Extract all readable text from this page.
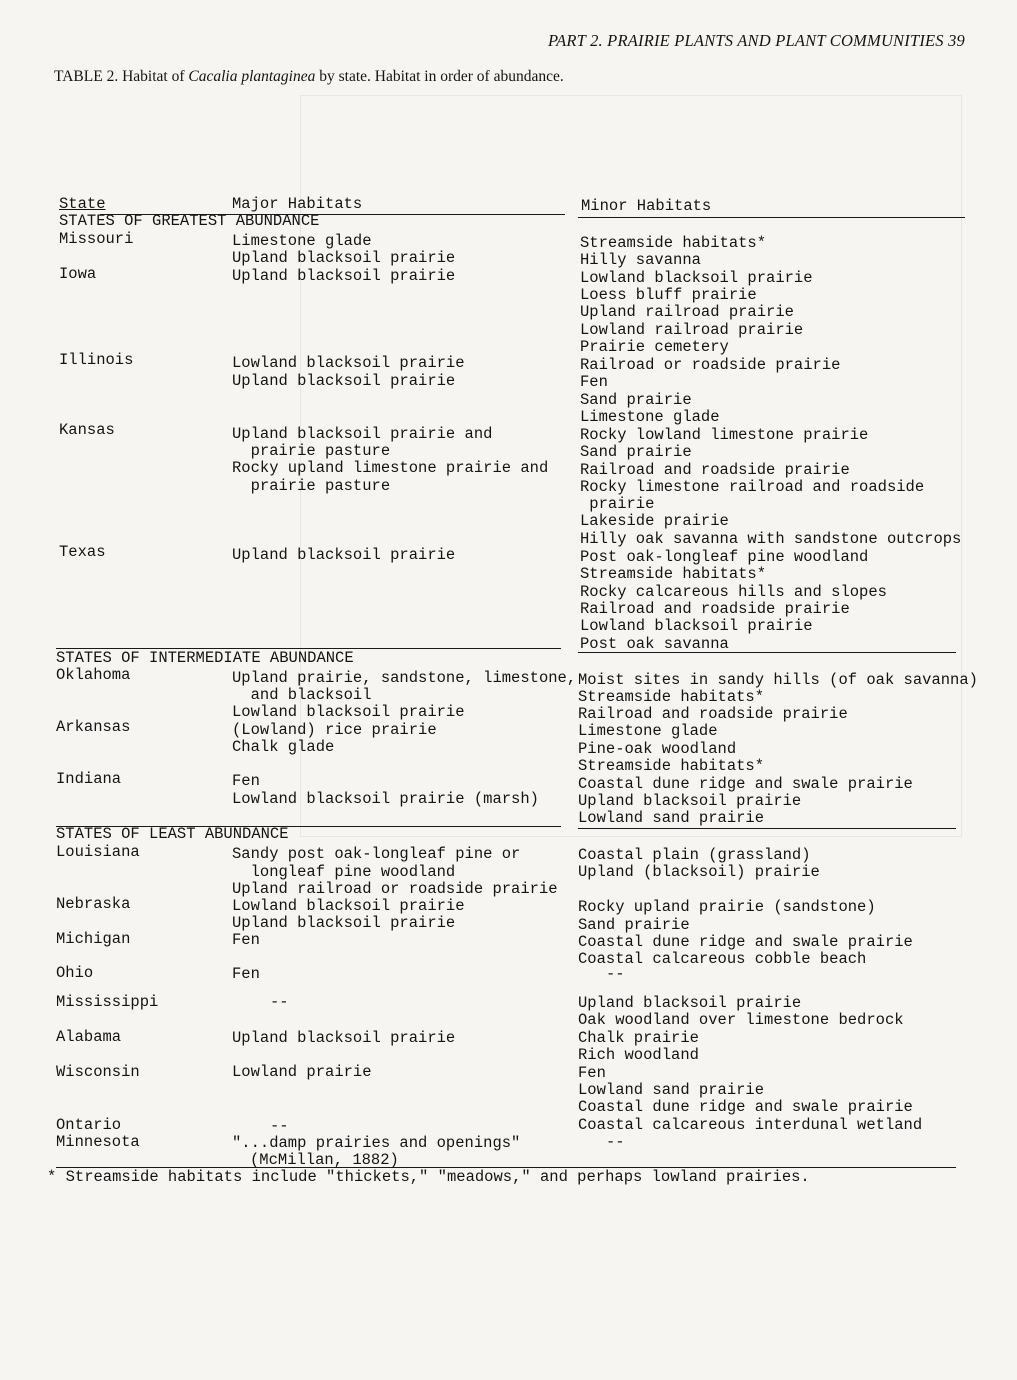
PART 2. PRAIRIE PLANTS AND PLANT COMMUNITIES 39
TABLE 2. Habitat of Cacalia plantaginea by state. Habitat in order of abundance.
State	Major Habitats	Minor Habitats
STATES OF GREATEST ABUNDANCE
STATES OF INTERMEDIATE ABUNDANCE
STATES OF LEAST ABUNDANCE
Missouri
Iowa
Illinois
Kansas
Texas
Oklahoma
Arkansas
Indiana
Louisiana
Nebraska
Michigan
Ohio
Mississippi
Alabama
Wisconsin
Ontario
Minnesota
Limestone glade
Upland blacksoil prairie
Upland blacksoil prairie
Lowland blacksoil prairie
Upland blacksoil prairie
Upland blacksoil prairie and
prairie pasture
Rocky upland limestone prairie and
prairie pasture
Upland blacksoil prairie
Upland prairie, sandstone, limestone,
and blacksoil
Lowland blacksoil prairie
(Lowland) rice prairie
Chalk glade
Fen
Lowland blacksoil prairie (marsh)
Sandy post oak-longleaf pine or
longleaf pine woodland
Upland railroad or roadside prairie
Lowland blacksoil prairie
Upland blacksoil prairie
Fen
Fen
--
Upland blacksoil prairie
Lowland prairie
--
"...damp prairies and openings"
(McMillan, 1882)
Streamside habitats*
Hilly savanna
Lowland blacksoil prairie
Loess bluff prairie
Upland railroad prairie
Lowland railroad prairie
Prairie cemetery
Railroad or roadside prairie
Fen
Sand prairie
Limestone glade
Rocky lowland limestone prairie
Sand prairie
Railroad and roadside prairie
Rocky limestone railroad and roadside
prairie
Lakeside prairie
Hilly oak savanna with sandstone outcrops
Post oak-longleaf pine woodland
Streamside habitats*
Rocky calcareous hills and slopes
Railroad and roadside prairie
Lowland blacksoil prairie
Post oak savanna
Moist sites in sandy hills (of oak savanna)
Streamside habitats*
Railroad and roadside prairie
Limestone glade
Pine-oak woodland
Streamside habitats*
Coastal dune ridge and swale prairie
Upland blacksoil prairie
Lowland sand prairie
Coastal plain (grassland)
Upland (blacksoil) prairie
Rocky upland prairie (sandstone)
Sand prairie
Coastal dune ridge and swale prairie
Coastal calcareous cobble beach
--
Upland blacksoil prairie
Oak woodland over limestone bedrock
Chalk prairie
Rich woodland
Fen
Lowland sand prairie
Coastal dune ridge and swale prairie
Coastal calcareous interdunal wetland
--
* Streamside habitats include "thickets," "meadows," and perhaps lowland prairies.
